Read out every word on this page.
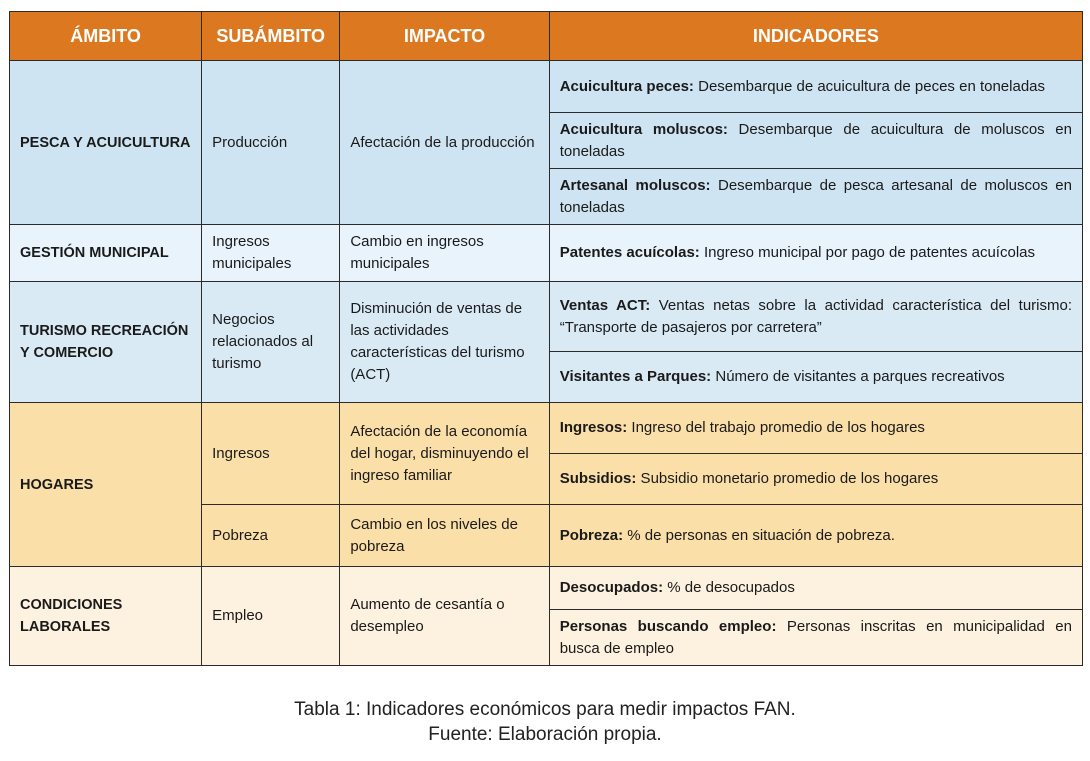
ÁMBITO	SUBÁMBITO	IMPACTO	INDICADORES
PESCA Y ACUICULTURA	Producción	Afectación de la producción	Acuicultura peces: Desembarque de acuicultura de peces en toneladas
			Acuicultura moluscos: Desembarque de acuicultura de moluscos en toneladas
			Artesanal moluscos: Desembarque de pesca artesanal de moluscos en toneladas
GESTIÓN MUNICIPAL	Ingresos municipales	Cambio en ingresos municipales	Patentes acuícolas: Ingreso municipal por pago de patentes acuícolas
TURISMO RECREACIÓN Y COMERCIO	Negocios relacionados al turismo	Disminución de ventas de las actividades características del turismo (ACT)	Ventas ACT: Ventas netas sobre la actividad característica del turismo: “Transporte de pasajeros por carretera”
			Visitantes a Parques: Número de visitantes a parques recreativos
HOGARES	Ingresos	Afectación de la economía del hogar, disminuyendo el ingreso familiar	Ingresos: Ingreso del trabajo promedio de los hogares
			Subsidios: Subsidio monetario promedio de los hogares
	Pobreza	Cambio en los niveles de pobreza	Pobreza: % de personas en situación de pobreza.
CONDICIONES LABORALES	Empleo	Aumento de cesantía o desempleo	Desocupados: % de desocupados
			Personas buscando empleo: Personas inscritas en municipalidad en busca de empleo
Tabla 1: Indicadores económicos para medir impactos FAN.
Fuente: Elaboración propia.
